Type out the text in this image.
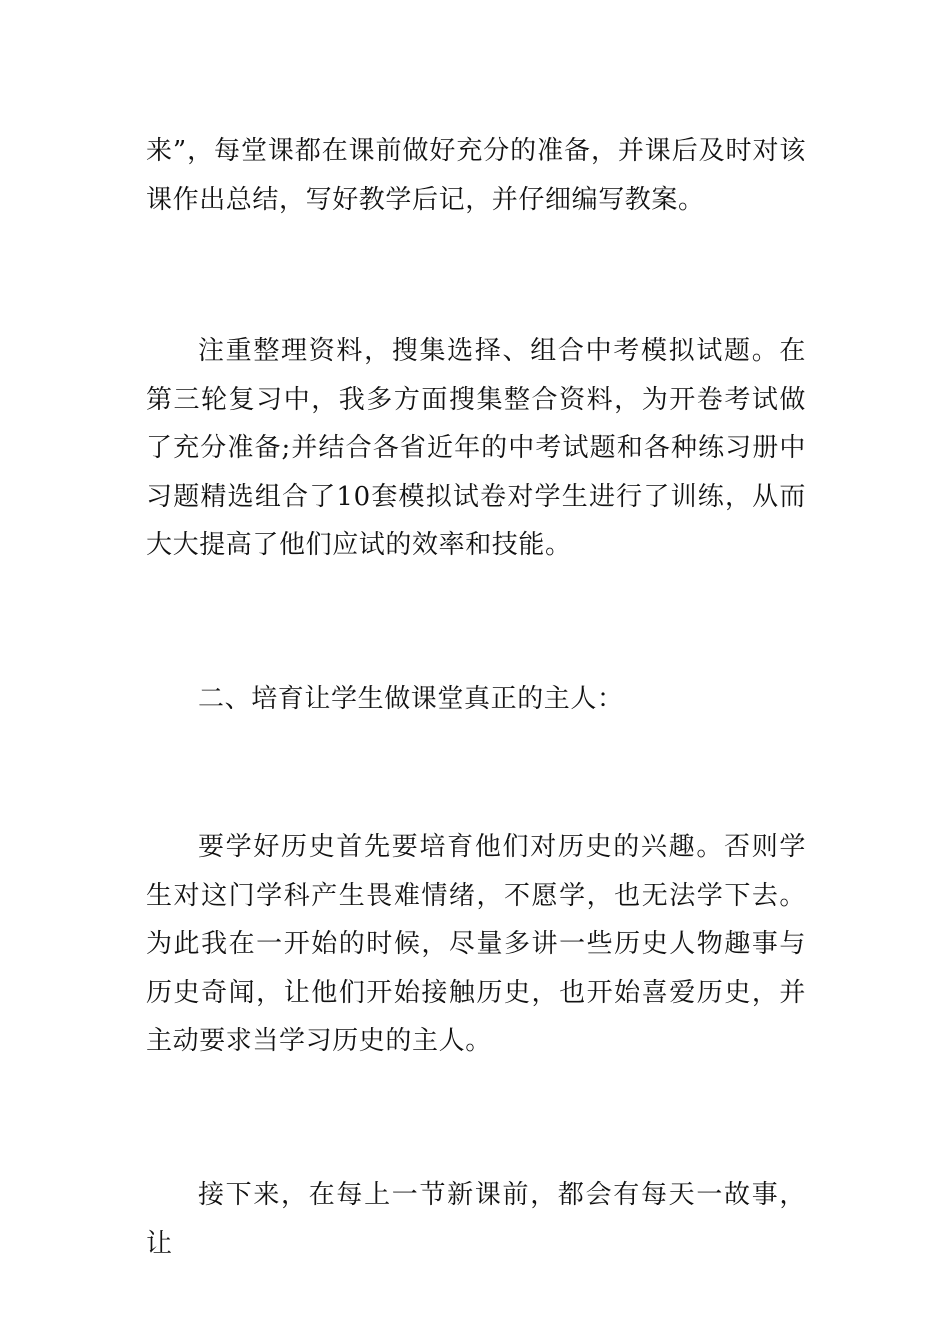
来”，每堂课都在课前做好充分的准备，并课后及时对该课作出总结，写好教学后记，并仔细编写教案。

注重整理资料，搜集选择、组合中考模拟试题。在第三轮复习中，我多方面搜集整合资料，为开卷考试做了充分准备;并结合各省近年的中考试题和各种练习册中习题精选组合了10套模拟试卷对学生进行了训练，从而大大提高了他们应试的效率和技能。

二、培育让学生做课堂真正的主人：

要学好历史首先要培育他们对历史的兴趣。否则学生对这门学科产生畏难情绪，不愿学，也无法学下去。为此我在一开始的时候，尽量多讲一些历史人物趣事与历史奇闻，让他们开始接触历史，也开始喜爱历史，并主动要求当学习历史的主人。

接下来，在每上一节新课前，都会有每天一故事，让
